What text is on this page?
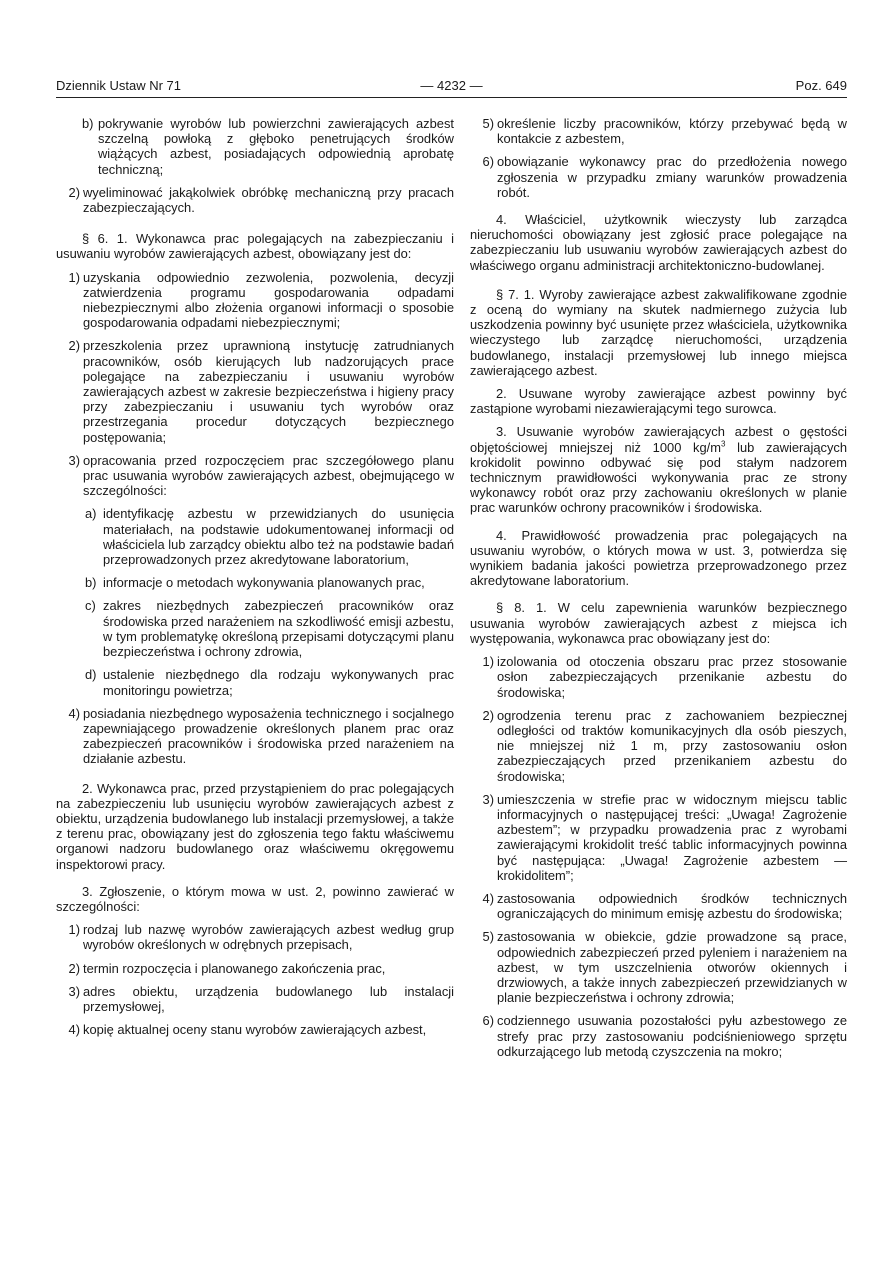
Dziennik Ustaw Nr 71	— 4232 —	Poz. 649
b) pokrywanie wyrobów lub powierzchni zawierających azbest szczelną powłoką z głęboko penetrujących środków wiążących azbest, posiadających odpowiednią aprobatę techniczną;
2) wyeliminować jakąkolwiek obróbkę mechaniczną przy pracach zabezpieczających.

§ 6. 1. Wykonawca prac polegających na zabezpieczaniu i usuwaniu wyrobów zawierających azbest, obowiązany jest do:

1) uzyskania odpowiednio zezwolenia, pozwolenia, decyzji zatwierdzenia programu gospodarowania odpadami niebezpiecznymi albo złożenia organowi informacji o sposobie gospodarowania odpadami niebezpiecznymi;
2) przeszkolenia przez uprawnioną instytucję zatrudnianych pracowników, osób kierujących lub nadzorujących prace polegające na zabezpieczaniu i usuwaniu wyrobów zawierających azbest w zakresie bezpieczeństwa i higieny pracy przy zabezpieczaniu i usuwaniu tych wyrobów oraz przestrzegania procedur dotyczących bezpiecznego postępowania;
3) opracowania przed rozpoczęciem prac szczegółowego planu prac usuwania wyrobów zawierających azbest, obejmującego w szczególności:
a) identyfikację azbestu w przewidzianych do usunięcia materiałach, na podstawie udokumentowanej informacji od właściciela lub zarządcy obiektu albo też na podstawie badań przeprowadzonych przez akredytowane laboratorium,
b) informacje o metodach wykonywania planowanych prac,
c) zakres niezbędnych zabezpieczeń pracowników oraz środowiska przed narażeniem na szkodliwość emisji azbestu, w tym problematykę określoną przepisami dotyczącymi planu bezpieczeństwa i ochrony zdrowia,
d) ustalenie niezbędnego dla rodzaju wykonywanych prac monitoringu powietrza;
4) posiadania niezbędnego wyposażenia technicznego i socjalnego zapewniającego prowadzenie określonych planem prac oraz zabezpieczeń pracowników i środowiska przed narażeniem na działanie azbestu.

2. Wykonawca prac, przed przystąpieniem do prac polegających na zabezpieczeniu lub usunięciu wyrobów zawierających azbest z obiektu, urządzenia budowlanego lub instalacji przemysłowej, a także z terenu prac, obowiązany jest do zgłoszenia tego faktu właściwemu organowi nadzoru budowlanego oraz właściwemu okręgowemu inspektorowi pracy.

3. Zgłoszenie, o którym mowa w ust. 2, powinno zawierać w szczególności:

1) rodzaj lub nazwę wyrobów zawierających azbest według grup wyrobów określonych w odrębnych przepisach,
2) termin rozpoczęcia i planowanego zakończenia prac,
3) adres obiektu, urządzenia budowlanego lub instalacji przemysłowej,
4) kopię aktualnej oceny stanu wyrobów zawierających azbest,
5) określenie liczby pracowników, którzy przebywać będą w kontakcie z azbestem,
6) obowiązanie wykonawcy prac do przedłożenia nowego zgłoszenia w przypadku zmiany warunków prowadzenia robót.

4. Właściciel, użytkownik wieczysty lub zarządca nieruchomości obowiązany jest zgłosić prace polegające na zabezpieczaniu lub usuwaniu wyrobów zawierających azbest do właściwego organu administracji architektoniczno-budowlanej.

§ 7. 1. Wyroby zawierające azbest zakwalifikowane zgodnie z oceną do wymiany na skutek nadmiernego zużycia lub uszkodzenia powinny być usunięte przez właściciela, użytkownika wieczystego lub zarządcę nieruchomości, urządzenia budowlanego, instalacji przemysłowej lub innego miejsca zawierającego azbest.

2. Usuwane wyroby zawierające azbest powinny być zastąpione wyrobami niezawierającymi tego surowca.

3. Usuwanie wyrobów zawierających azbest o gęstości objętościowej mniejszej niż 1000 $kg/m^3$ lub zawierających krokidolit powinno odbywać się pod stałym nadzorem technicznym prawidłowości wykonywania prac ze strony wykonawcy robót oraz przy zachowaniu określonych w planie prac warunków ochrony pracowników i środowiska.

4. Prawidłowość prowadzenia prac polegających na usuwaniu wyrobów, o których mowa w ust. 3, potwierdza się wynikiem badania jakości powietrza przeprowadzonego przez akredytowane laboratorium.

§ 8. 1. W celu zapewnienia warunków bezpiecznego usuwania wyrobów zawierających azbest z miejsca ich występowania, wykonawca prac obowiązany jest do:

1) izolowania od otoczenia obszaru prac przez stosowanie osłon zabezpieczających przenikanie azbestu do środowiska;
2) ogrodzenia terenu prac z zachowaniem bezpiecznej odległości od traktów komunikacyjnych dla osób pieszych, nie mniejszej niż 1 m, przy zastosowaniu osłon zabezpieczających przed przenikaniem azbestu do środowiska;
3) umieszczenia w strefie prac w widocznym miejscu tablic informacyjnych o następującej treści: „Uwaga! Zagrożenie azbestem”; w przypadku prowadzenia prac z wyrobami zawierającymi krokidolit treść tablic informacyjnych powinna być następująca: „Uwaga! Zagrożenie azbestem — krokidolitem”;
4) zastosowania odpowiednich środków technicznych ograniczających do minimum emisję azbestu do środowiska;
5) zastosowania w obiekcie, gdzie prowadzone są prace, odpowiednich zabezpieczeń przed pyleniem i narażeniem na azbest, w tym uszczelnienia otworów okiennych i drzwiowych, a także innych zabezpieczeń przewidzianych w planie bezpieczeństwa i ochrony zdrowia;
6) codziennego usuwania pozostałości pyłu azbestowego ze strefy prac przy zastosowaniu podciśnieniowego sprzętu odkurzającego lub metodą czyszczenia na mokro;
